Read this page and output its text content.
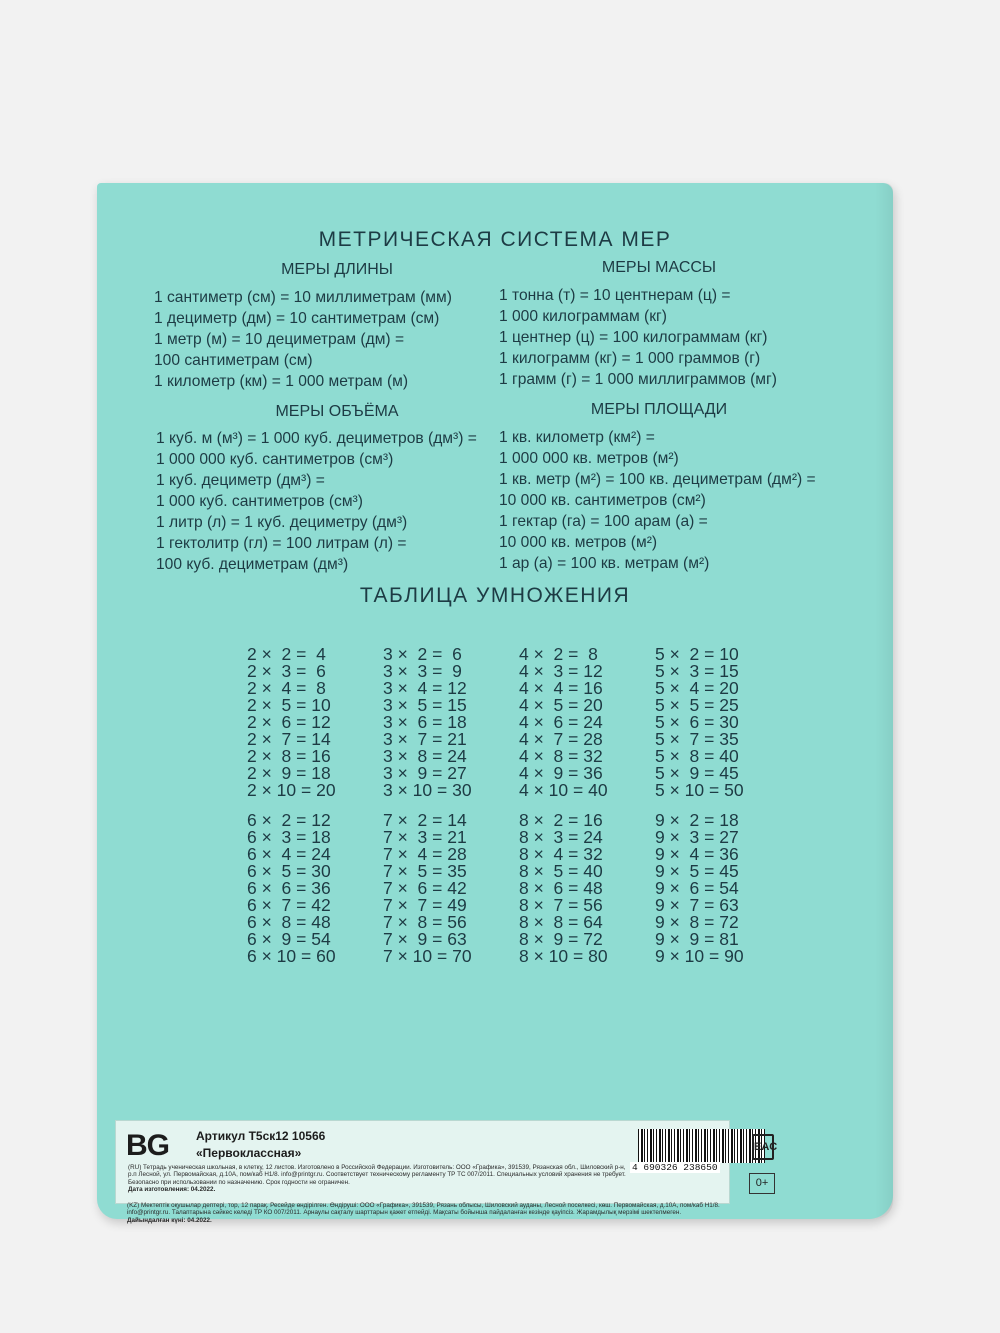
МЕТРИЧЕСКАЯ СИСТЕМА МЕР
МЕРЫ ДЛИНЫ
1 сантиметр (см) = 10 миллиметрам (мм)
1 дециметр (дм) = 10 сантиметрам (см)
1 метр (м) = 10 дециметрам (дм) =
100 сантиметрам (см)
1 километр (км) = 1 000 метрам (м)
МЕРЫ МАССЫ
1 тонна (т) = 10 центнерам (ц) =
1 000 килограммам (кг)
1 центнер (ц) = 100 килограммам (кг)
1 килограмм (кг) = 1 000 граммов (г)
1 грамм (г) = 1 000 миллиграммов (мг)
МЕРЫ ОБЪЁМА
1 куб. м (м³) = 1 000 куб. дециметров (дм³) =
1 000 000 куб. сантиметров (см³)
1 куб. дециметр (дм³) =
1 000 куб. сантиметров (см³)
1 литр (л) = 1 куб. дециметру (дм³)
1 гектолитр (гл) = 100 литрам (л) =
100 куб. дециметрам (дм³)
МЕРЫ ПЛОЩАДИ
1 кв. километр (км²) =
1 000 000 кв. метров (м²)
1 кв. метр (м²) = 100 кв. дециметрам (дм²) =
10 000 кв. сантиметров (см²)
1 гектар (га) = 100 арам (а) =
10 000 кв. метров (м²)
1 ар (а) = 100 кв. метрам (м²)
ТАБЛИЦА УМНОЖЕНИЯ

2 ×  2 =  4
2 ×  3 =  6
2 ×  4 =  8
2 ×  5 = 10
2 ×  6 = 12
2 ×  7 = 14
2 ×  8 = 16
2 ×  9 = 18
2 × 10 = 20

3 ×  2 =  6
3 ×  3 =  9
3 ×  4 = 12
3 ×  5 = 15
3 ×  6 = 18
3 ×  7 = 21
3 ×  8 = 24
3 ×  9 = 27
3 × 10 = 30

4 ×  2 =  8
4 ×  3 = 12
4 ×  4 = 16
4 ×  5 = 20
4 ×  6 = 24
4 ×  7 = 28
4 ×  8 = 32
4 ×  9 = 36
4 × 10 = 40

5 ×  2 = 10
5 ×  3 = 15
5 ×  4 = 20
5 ×  5 = 25
5 ×  6 = 30
5 ×  7 = 35
5 ×  8 = 40
5 ×  9 = 45
5 × 10 = 50

6 ×  2 = 12
6 ×  3 = 18
6 ×  4 = 24
6 ×  5 = 30
6 ×  6 = 36
6 ×  7 = 42
6 ×  8 = 48
6 ×  9 = 54
6 × 10 = 60

7 ×  2 = 14
7 ×  3 = 21
7 ×  4 = 28
7 ×  5 = 35
7 ×  6 = 42
7 ×  7 = 49
7 ×  8 = 56
7 ×  9 = 63
7 × 10 = 70

8 ×  2 = 16
8 ×  3 = 24
8 ×  4 = 32
8 ×  5 = 40
8 ×  6 = 48
8 ×  7 = 56
8 ×  8 = 64
8 ×  9 = 72
8 × 10 = 80

9 ×  2 = 18
9 ×  3 = 27
9 ×  4 = 36
9 ×  5 = 45
9 ×  6 = 54
9 ×  7 = 63
9 ×  8 = 72
9 ×  9 = 81
9 × 10 = 90

BG Артикул Т5ск12 10566
«Первоклассная»
4 690326 238650
EAC
0+
(RU) Тетрадь ученическая школьная, в клетку, 12 листов. Изготовлено в Российской Федерации. Изготовитель: ООО «Графика», 391539, Рязанская обл., Шиловский р-н, р.п Лесной, ул. Первомайская, д.10А, пом/каб Н1/8. info@printgr.ru. Соответствует техническому регламенту ТР ТС 007/2011. Специальных условий хранения не требует. Безопасно при использовании по назначению. Срок годности не ограничен.
Дата изготовления: 04.2022.
(KZ) Мектептік оқушылар дептері, тор, 12 парақ. Ресейде өндірілген. Өндіруші: ООО «Графика», 391539, Рязань облысы, Шиловский ауданы, Лесной поселкесі, көш. Первомайская, д.10А, пом/каб Н1/8. info@printgr.ru. Талаптарына сәйкес келеді ТР КО 007/2011. Арнаулы сақталу шарттарын қажет етпейді. Мақсаты бойынша пайдаланған кезінде қауіпсіз. Жарамдылық мерзімі шектелмеген.
Дайындалған күні: 04.2022.
